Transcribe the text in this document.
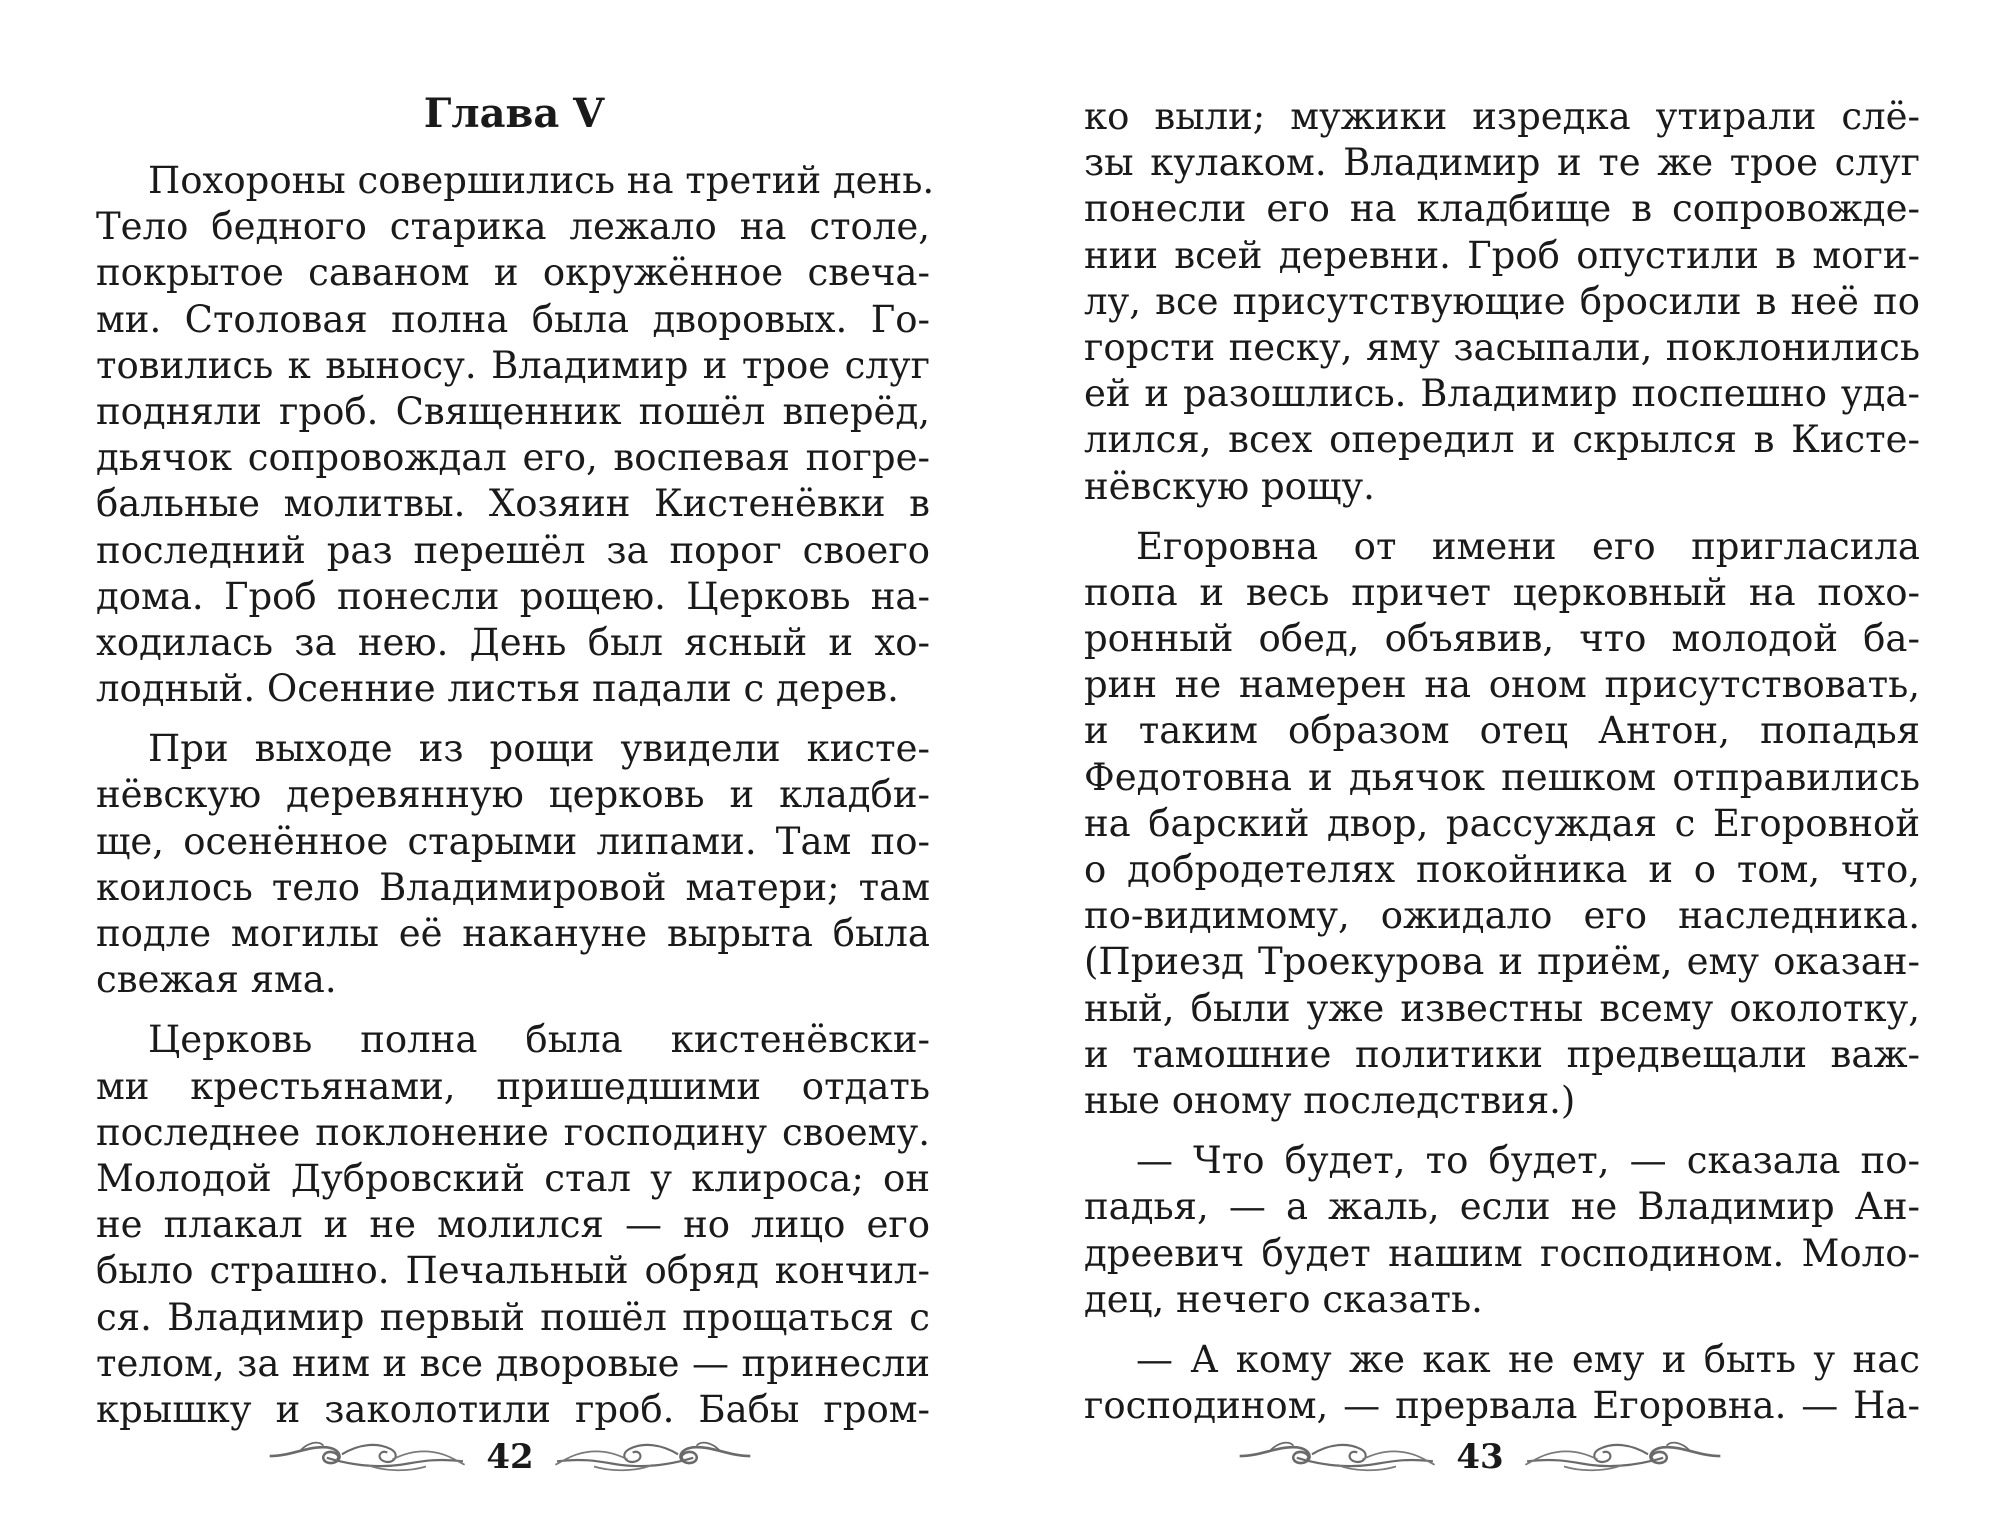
Глава V
Похороны совершились на третий день.
Тело бедного старика лежало на столе,
покрытое саваном и окружённое свеча-
ми. Столовая полна была дворовых. Го-
товились к выносу. Владимир и трое слуг
подняли гроб. Священник пошёл вперёд,
дьячок сопровождал его, воспевая погре-
бальные молитвы. Хозяин Кистенёвки в
последний раз перешёл за порог своего
дома. Гроб понесли рощею. Церковь на-
ходилась за нею. День был ясный и хо-
лодный. Осенние листья падали с дерев.
При выходе из рощи увидели кисте-
нёвскую деревянную церковь и кладби-
ще, осенённое старыми липами. Там по-
коилось тело Владимировой матери; там
подле могилы её накануне вырыта была
свежая яма.
Церковь полна была кистенёвски-
ми крестьянами, пришедшими отдать
последнее поклонение господину своему.
Молодой Дубровский стал у клироса; он
не плакал и не молился — но лицо его
было страшно. Печальный обряд кончил-
ся. Владимир первый пошёл прощаться с
телом, за ним и все дворовые — принесли
крышку и заколотили гроб. Бабы гром-
42
ко выли; мужики изредка утирали слё-
зы кулаком. Владимир и те же трое слуг
понесли его на кладбище в сопровожде-
нии всей деревни. Гроб опустили в моги-
лу, все присутствующие бросили в неё по
горсти песку, яму засыпали, поклонились
ей и разошлись. Владимир поспешно уда-
лился, всех опередил и скрылся в Кисте-
нёвскую рощу.
Егоровна от имени его пригласила
попа и весь причет церковный на похо-
ронный обед, объявив, что молодой ба-
рин не намерен на оном присутствовать,
и таким образом отец Антон, попадья
Федотовна и дьячок пешком отправились
на барский двор, рассуждая с Егоровной
о добродетелях покойника и о том, что,
по-видимому, ожидало его наследника.
(Приезд Троекурова и приём, ему оказан-
ный, были уже известны всему околотку,
и тамошние политики предвещали важ-
ные оному последствия.)
— Что будет, то будет, — сказала по-
падья, — а жаль, если не Владимир Ан-
дреевич будет нашим господином. Моло-
дец, нечего сказать.
— А кому же как не ему и быть у нас
господином, — прервала Егоровна. — На-
43
